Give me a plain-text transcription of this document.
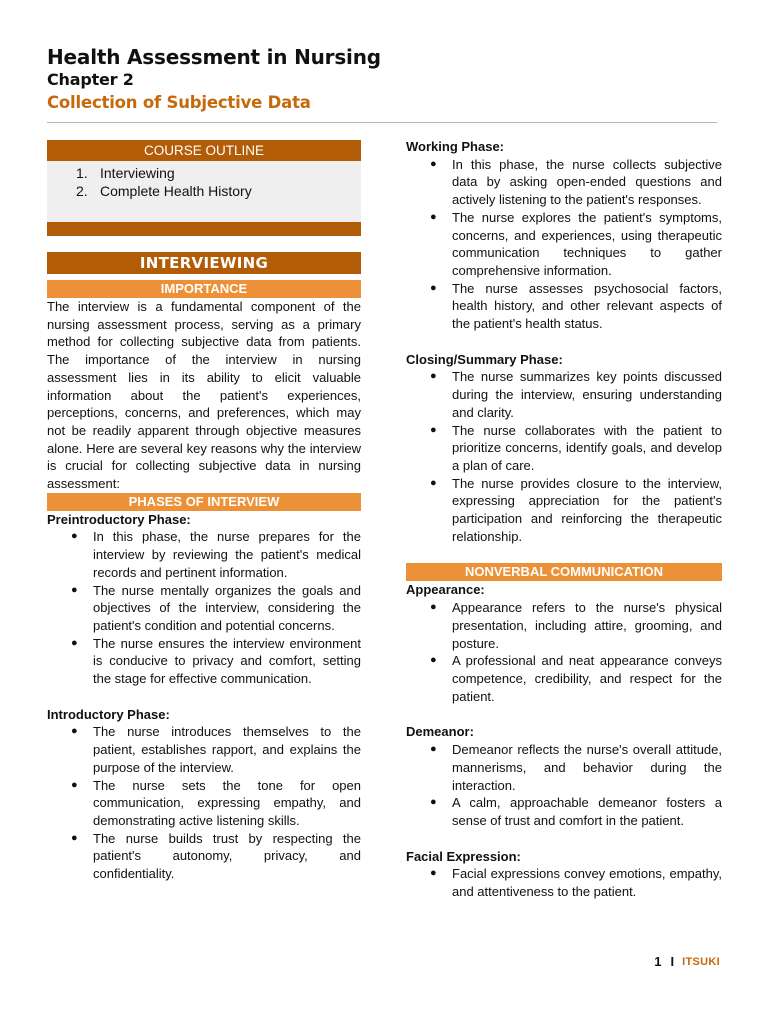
Health Assessment in Nursing
Chapter 2
Collection of Subjective Data
COURSE OUTLINE
1. Interviewing
2. Complete Health History
INTERVIEWING
IMPORTANCE
The interview is a fundamental component of the nursing assessment process, serving as a primary method for collecting subjective data from patients. The importance of the interview in nursing assessment lies in its ability to elicit valuable information about the patient's experiences, perceptions, concerns, and preferences, which may not be readily apparent through objective measures alone. Here are several key reasons why the interview is crucial for collecting subjective data in nursing assessment:
PHASES OF INTERVIEW
Preintroductory Phase:
● In this phase, the nurse prepares for the interview by reviewing the patient's medical records and pertinent information.
● The nurse mentally organizes the goals and objectives of the interview, considering the patient's condition and potential concerns.
● The nurse ensures the interview environment is conducive to privacy and comfort, setting the stage for effective communication.
Introductory Phase:
● The nurse introduces themselves to the patient, establishes rapport, and explains the purpose of the interview.
● The nurse sets the tone for open communication, expressing empathy, and demonstrating active listening skills.
● The nurse builds trust by respecting the patient's autonomy, privacy, and confidentiality.
Working Phase:
● In this phase, the nurse collects subjective data by asking open-ended questions and actively listening to the patient's responses.
● The nurse explores the patient's symptoms, concerns, and experiences, using therapeutic communication techniques to gather comprehensive information.
● The nurse assesses psychosocial factors, health history, and other relevant aspects of the patient's health status.
Closing/Summary Phase:
● The nurse summarizes key points discussed during the interview, ensuring understanding and clarity.
● The nurse collaborates with the patient to prioritize concerns, identify goals, and develop a plan of care.
● The nurse provides closure to the interview, expressing appreciation for the patient's participation and reinforcing the therapeutic relationship.
NONVERBAL COMMUNICATION
Appearance:
● Appearance refers to the nurse's physical presentation, including attire, grooming, and posture.
● A professional and neat appearance conveys competence, credibility, and respect for the patient.
Demeanor:
● Demeanor reflects the nurse's overall attitude, mannerisms, and behavior during the interaction.
● A calm, approachable demeanor fosters a sense of trust and comfort in the patient.
Facial Expression:
● Facial expressions convey emotions, empathy, and attentiveness to the patient.
1 I ITSUKI
